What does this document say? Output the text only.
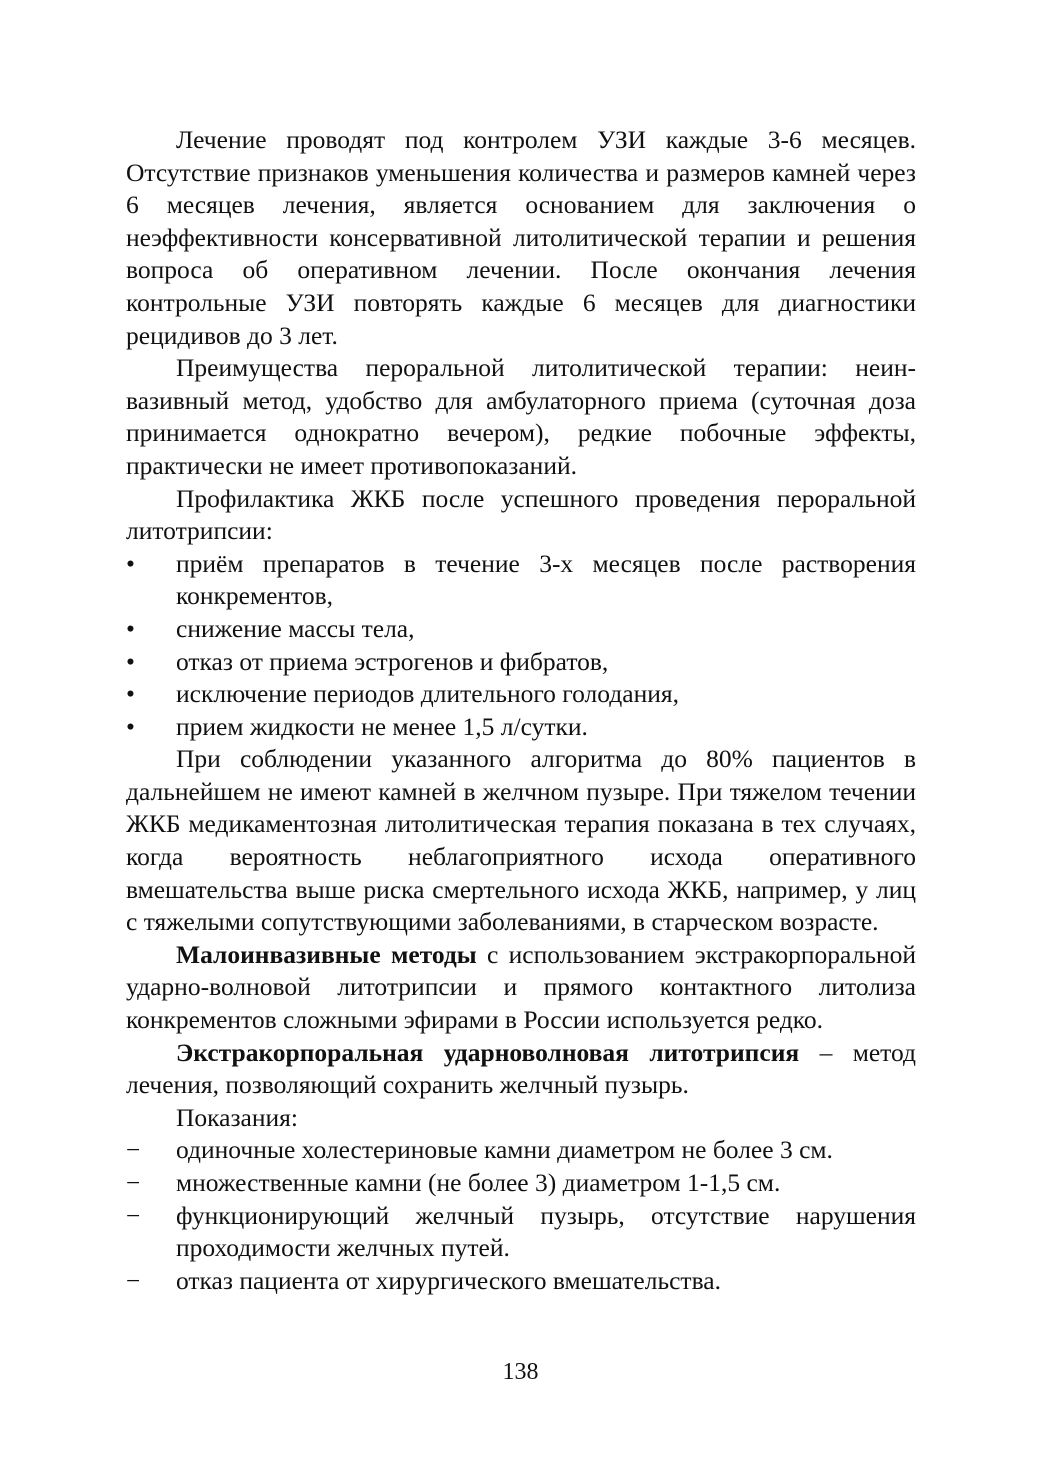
Лечение проводят под контролем УЗИ каждые 3-6 месяцев. Отсутствие признаков уменьшения количества и размеров камней через 6 месяцев лечения, является основанием для заключения о неэффективности консервативной литолитической терапии и решения вопроса об оперативном лечении. После окончания лечения контрольные УЗИ повторять каждые 6 месяцев для диагностики рецидивов до 3 лет.

Преимущества пероральной литолитической терапии: неинвазивный метод, удобство для амбулаторного приема (суточная доза принимается однократно вечером), редкие побочные эффекты, практически не имеет противопоказаний.

Профилактика ЖКБ после успешного проведения пероральной литотрипсии:

•	приём препаратов в течение 3-х месяцев после растворения конкрементов,
•	снижение массы тела,
•	отказ от приема эстрогенов и фибратов,
•	исключение периодов длительного голодания,
•	прием жидкости не менее 1,5 л/сутки.

При соблюдении указанного алгоритма до 80% пациентов в дальнейшем не имеют камней в желчном пузыре. При тяжелом течении ЖКБ медикаментозная литолитическая терапия показана в тех случаях, когда вероятность неблагоприятного исхода оперативного вмешательства выше риска смертельного исхода ЖКБ, например, у лиц с тяжелыми сопутствующими заболеваниями, в старческом возрасте.

Малоинвазивные методы с использованием экстракорпоральной ударно-волновой литотрипсии и прямого контактного литолиза конкрементов сложными эфирами в России используется редко.

Экстракорпоральная ударноволновая литотрипсия – метод лечения, позволяющий сохранить желчный пузырь.

Показания:

−	одиночные холестериновые камни диаметром не более 3 см.
−	множественные камни (не более 3) диаметром 1-1,5 см.
−	функционирующий желчный пузырь, отсутствие нарушения проходимости желчных путей.
−	отказ пациента от хирургического вмешательства.
138
